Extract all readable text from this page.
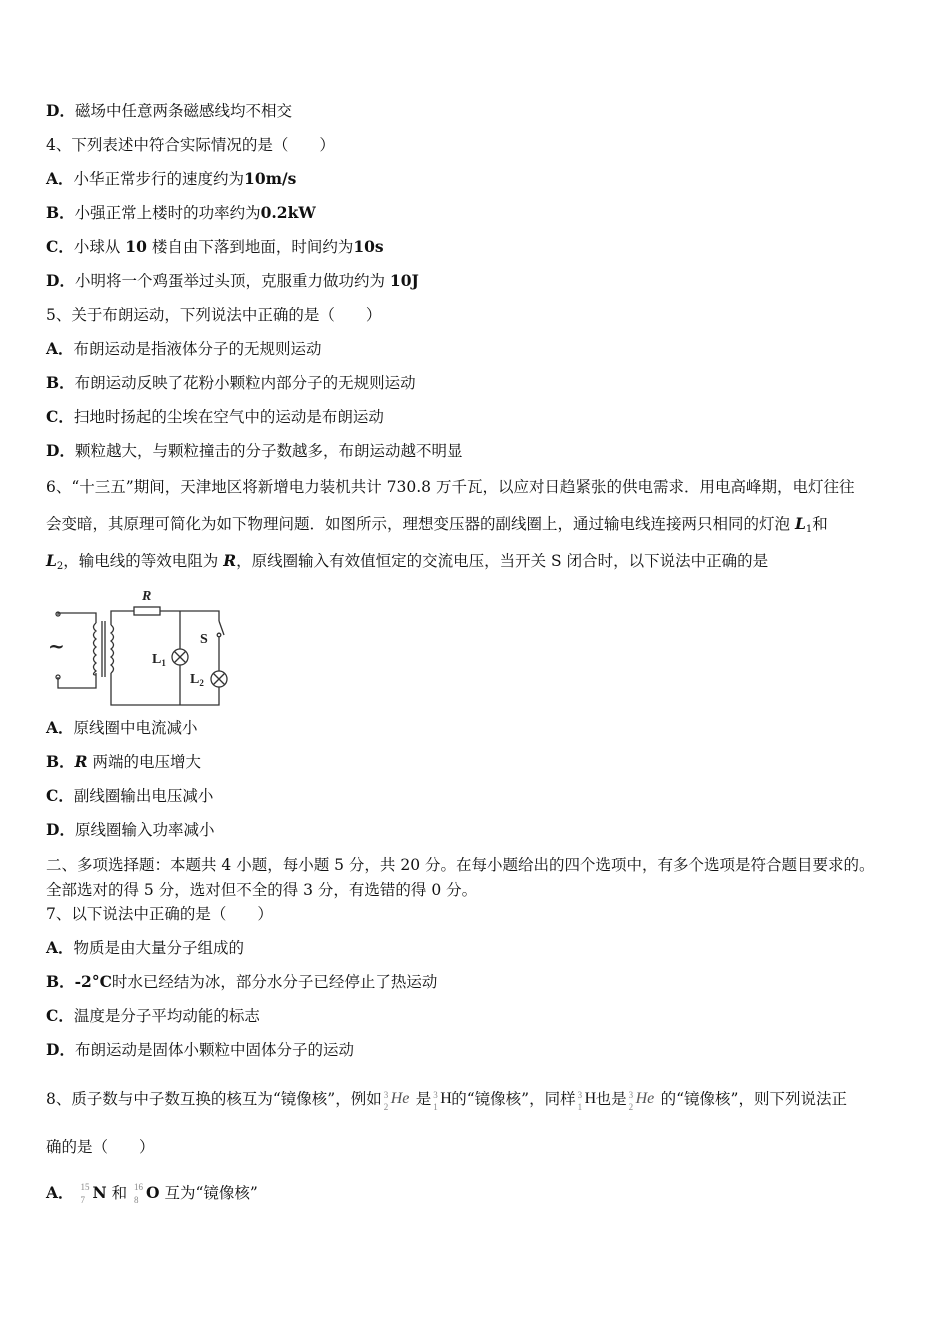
D．磁场中任意两条磁感线均不相交
4、下列表述中符合实际情况的是（　　）
A．小华正常步行的速度约为10m/s
B．小强正常上楼时的功率约为0.2kW
C．小球从 10 楼自由下落到地面，时间约为10s
D．小明将一个鸡蛋举过头顶，克服重力做功约为 10J
5、关于布朗运动，下列说法中正确的是（　　）
A．布朗运动是指液体分子的无规则运动
B．布朗运动反映了花粉小颗粒内部分子的无规则运动
C．扫地时扬起的尘埃在空气中的运动是布朗运动
D．颗粒越大，与颗粒撞击的分子数越多，布朗运动越不明显
6、“十三五”期间，天津地区将新增电力装机共计 730.8 万千瓦，以应对日趋紧张的供电需求．用电高峰期，电灯往往
会变暗，其原理可简化为如下物理问题．如图所示，理想变压器的副线圈上，通过输电线连接两只相同的灯泡 $L_1$和
$L_2$，输电线的等效电阻为 R，原线圈输入有效值恒定的交流电压，当开关 S 闭合时，以下说法中正确的是
~
R
S
$L_1$
$L_2$
A．原线圈中电流减小
B．R 两端的电压增大
C．副线圈输出电压减小
D．原线圈输入功率减小
二、多项选择题：本题共 4 小题，每小题 5 分，共 20 分。在每小题给出的四个选项中，有多个选项是符合题目要求的。
全部选对的得 5 分，选对但不全的得 3 分，有选错的得 0 分。
7、以下说法中正确的是（　　）
A．物质是由大量分子组成的
B．-2°C时水已经结为冰，部分水分子已经停止了热运动
C．温度是分子平均动能的标志
D．布朗运动是固体小颗粒中固体分子的运动
8、质子数与中子数互换的核互为“镜像核”，例如 3
2 He 是 3
1 H 的“镜像核”，同样 3
1 H 也是 3
2 He 的“镜像核”，则下列说法正
确的是（　　）
A． 15
7 N 和 16
8 O 互为“镜像核”
